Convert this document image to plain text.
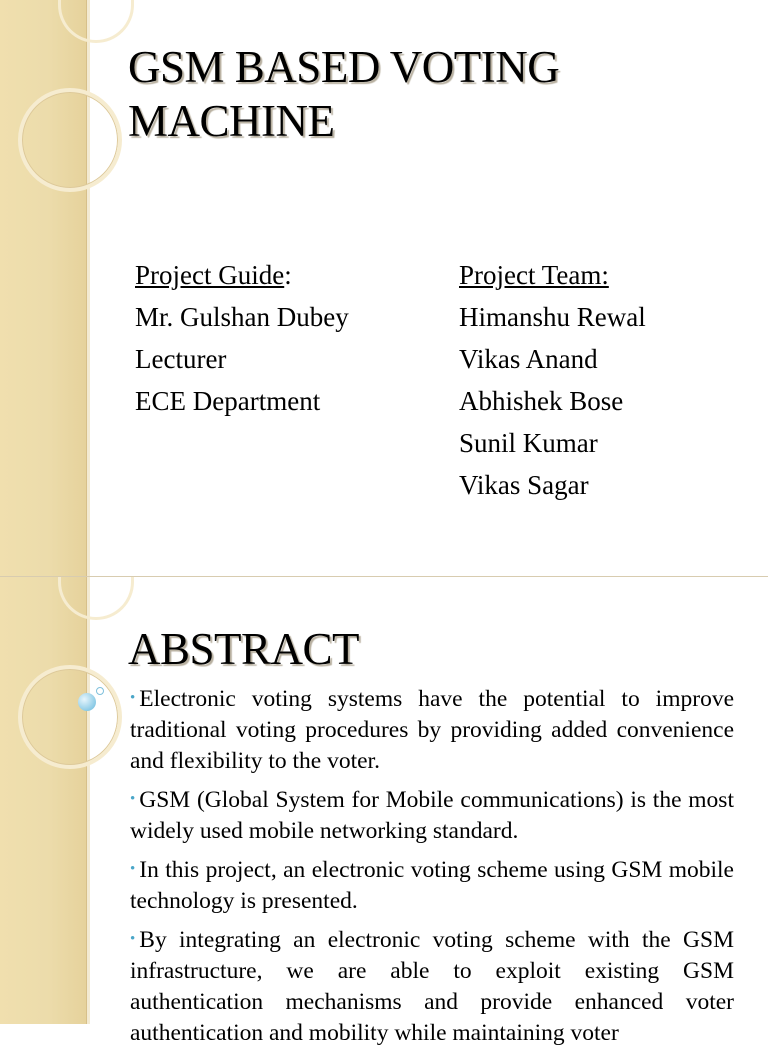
GSM BASED VOTING MACHINE
Project Guide:
Mr. Gulshan Dubey
Lecturer
ECE Department
Project Team:
Himanshu Rewal
Vikas Anand
Abhishek Bose
Sunil Kumar
Vikas Sagar
ABSTRACT
• Electronic voting systems have the potential to improve traditional voting procedures by providing added convenience and flexibility to the voter.
• GSM (Global System for Mobile communications) is the most widely used mobile networking standard.
• In this project, an electronic voting scheme using GSM mobile technology is presented.
• By integrating an electronic voting scheme with the GSM infrastructure, we are able to exploit existing GSM authentication mechanisms and provide enhanced voter authentication and mobility while maintaining voter
